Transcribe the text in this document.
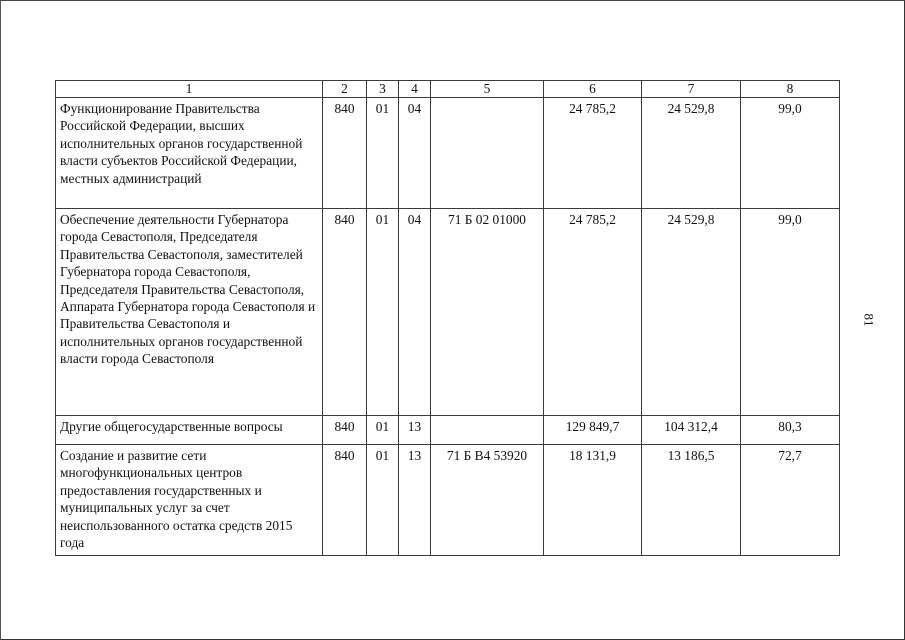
1	2	3	4	5	6	7	8
Функционирование Правительства Российской Федерации, высших исполнительных органов государственной власти субъектов Российской Федерации, местных администраций	840	01	04		24 785,2	24 529,8	99,0
Обеспечение деятельности Губернатора города Севастополя, Председателя Правительства Севастополя, заместителей Губернатора города Севастополя, Председателя Правительства Севастополя, Аппарата Губернатора города Севастополя и Правительства Севастополя и исполнительных органов государственной власти города Севастополя	840	01	04	71 Б 02 01000	24 785,2	24 529,8	99,0
Другие общегосударственные вопросы	840	01	13		129 849,7	104 312,4	80,3
Создание и развитие сети многофункциональных центров предоставления государственных и муниципальных услуг за счет неиспользованного остатка средств 2015 года	840	01	13	71 Б В4 53920	18 131,9	13 186,5	72,7
81
